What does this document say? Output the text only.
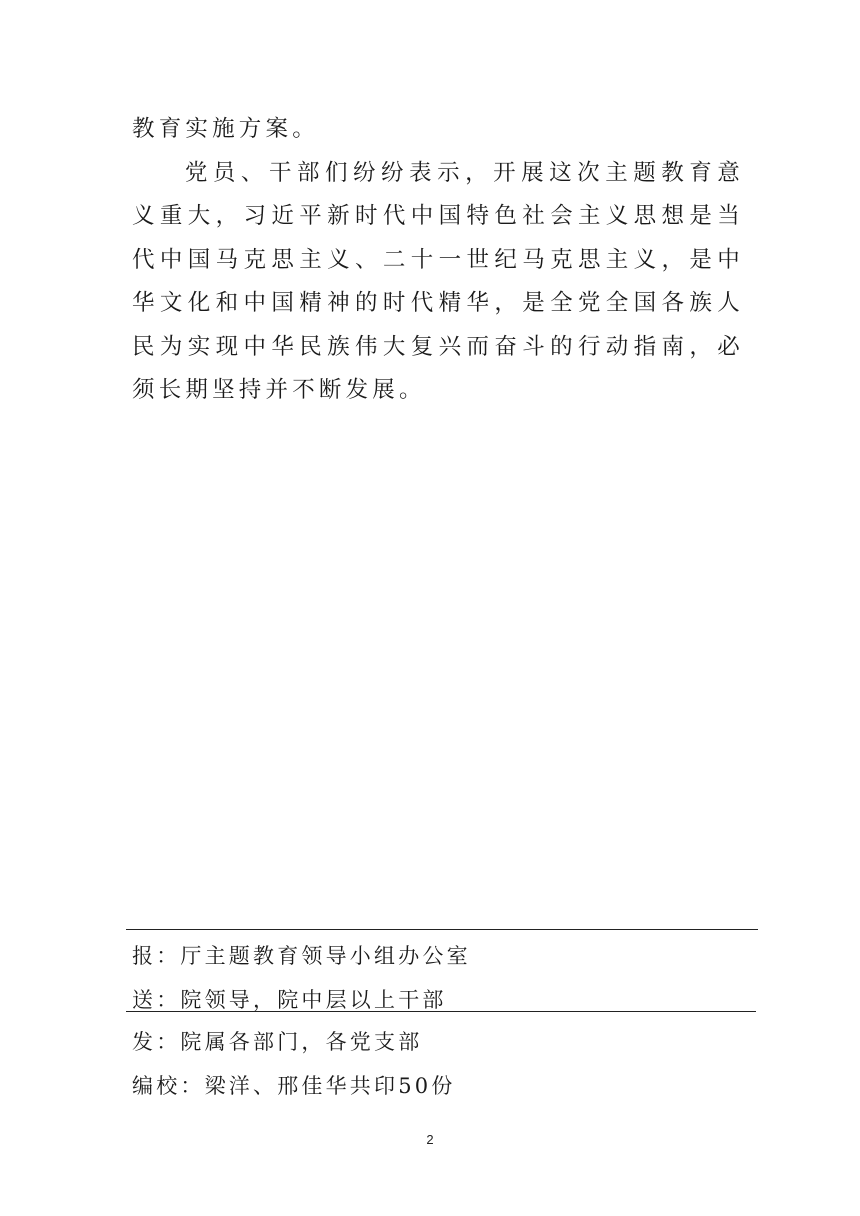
教育实施方案。

党员、干部们纷纷表示，开展这次主题教育意义重大，习近平新时代中国特色社会主义思想是当代中国马克思主义、二十一世纪马克思主义，是中华文化和中国精神的时代精华，是全党全国各族人民为实现中华民族伟大复兴而奋斗的行动指南，必须长期坚持并不断发展。

报：厅主题教育领导小组办公室
送：院领导，院中层以上干部
发：院属各部门，各党支部
编校：梁洋、邢佳华共印50份
2
